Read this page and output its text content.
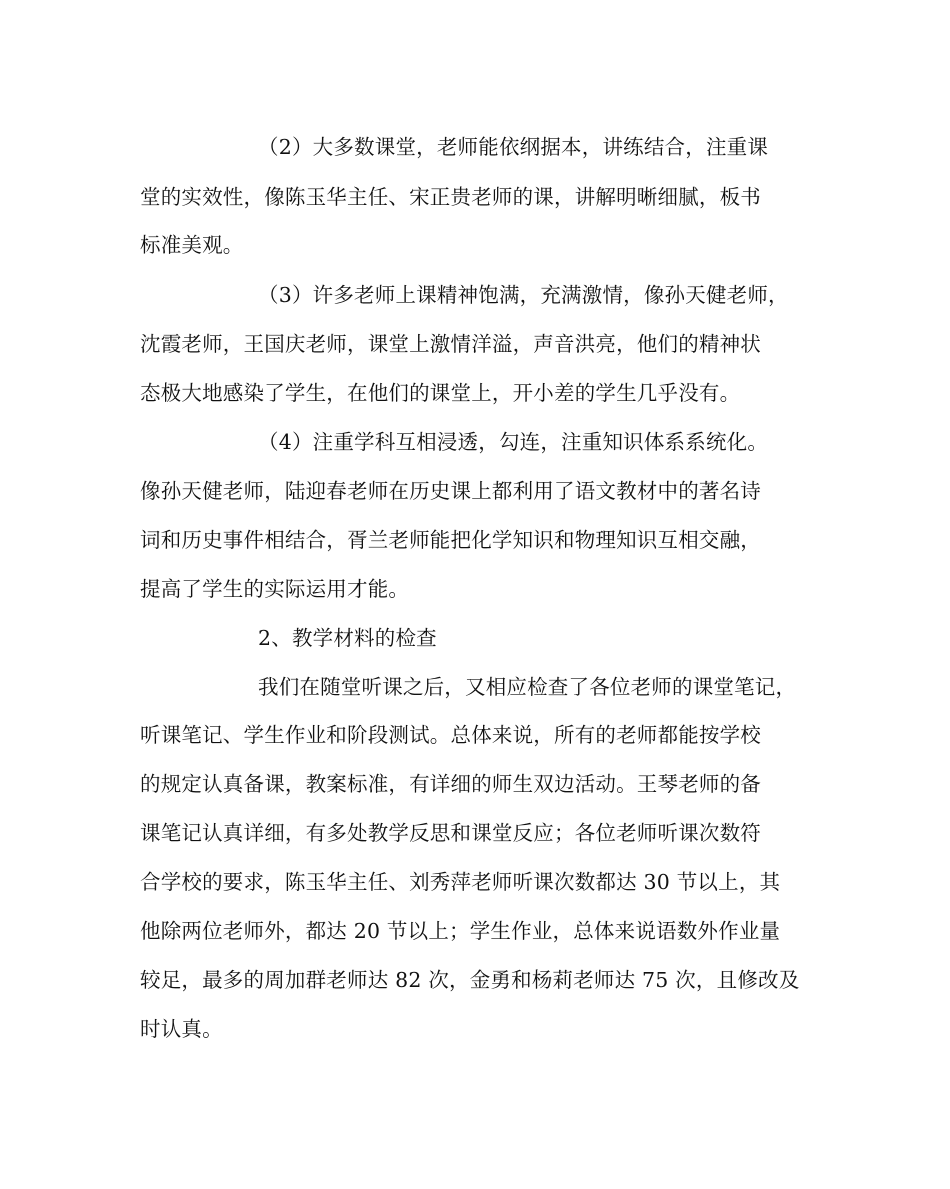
（2）大多数课堂，老师能依纲据本，讲练结合，注重课
堂的实效性，像陈玉华主任、宋正贵老师的课，讲解明晰细腻，板书
标准美观。
（3）许多老师上课精神饱满，充满激情，像孙天健老师，
沈霞老师，王国庆老师，课堂上激情洋溢，声音洪亮，他们的精神状
态极大地感染了学生，在他们的课堂上，开小差的学生几乎没有。
（4）注重学科互相浸透，勾连，注重知识体系系统化。
像孙天健老师，陆迎春老师在历史课上都利用了语文教材中的著名诗
词和历史事件相结合，胥兰老师能把化学知识和物理知识互相交融，
提高了学生的实际运用才能。
2、教学材料的检查
我们在随堂听课之后，又相应检查了各位老师的课堂笔记，
听课笔记、学生作业和阶段测试。总体来说，所有的老师都能按学校
的规定认真备课，教案标准，有详细的师生双边活动。王琴老师的备
课笔记认真详细，有多处教学反思和课堂反应；各位老师听课次数符
合学校的要求，陈玉华主任、刘秀萍老师听课次数都达 30 节以上，其
他除两位老师外，都达 20 节以上；学生作业，总体来说语数外作业量
较足，最多的周加群老师达 82 次，金勇和杨莉老师达 75 次，且修改及
时认真。
